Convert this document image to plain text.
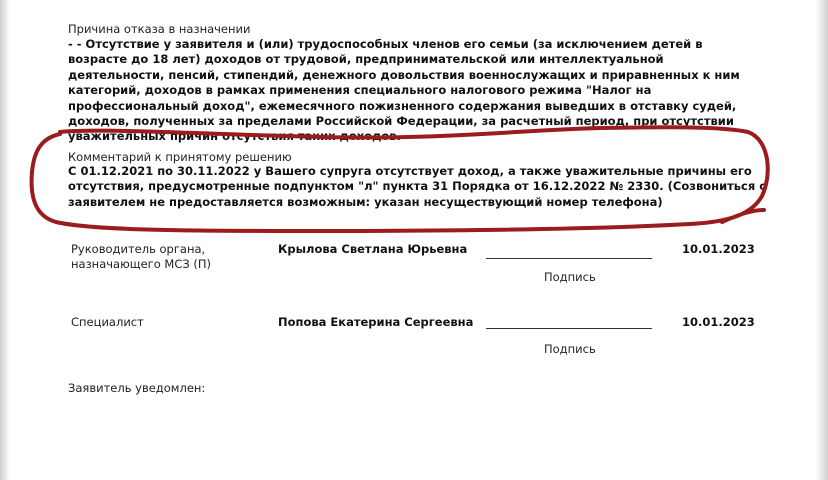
Причина отказа в назначении
- - Отсутствие у заявителя и (или) трудоспособных членов его семьи (за исключением детей в возрасте до 18 лет) доходов от трудовой, предпринимательской или интеллектуальной деятельности, пенсий, стипендий, денежного довольствия военнослужащих и приравненных к ним категорий, доходов в рамках применения специального налогового режима "Налог на профессиональный доход", ежемесячного пожизненного содержания выведших в отставку судей, доходов, полученных за пределами Российской Федерации, за расчетный период, при отсутствии уважительных причин отсутствия таких доходов.
Комментарий к принятому решению
С 01.12.2021 по 30.11.2022 у Вашего супруга отсутствует доход, а также уважительные причины его отсутствия, предусмотренные подпунктом "л" пункта 31 Порядка от 16.12.2022 № 2330. (Созвониться с заявителем не предоставляется возможным: указан несуществующий номер телефона)
Руководитель органа,
назначающего МСЗ (П)
Крылова Светлана Юрьевна
Подпись
10.01.2023
Специалист	Попова Екатерина Сергеевна
Подпись
10.01.2023
Заявитель уведомлен:
